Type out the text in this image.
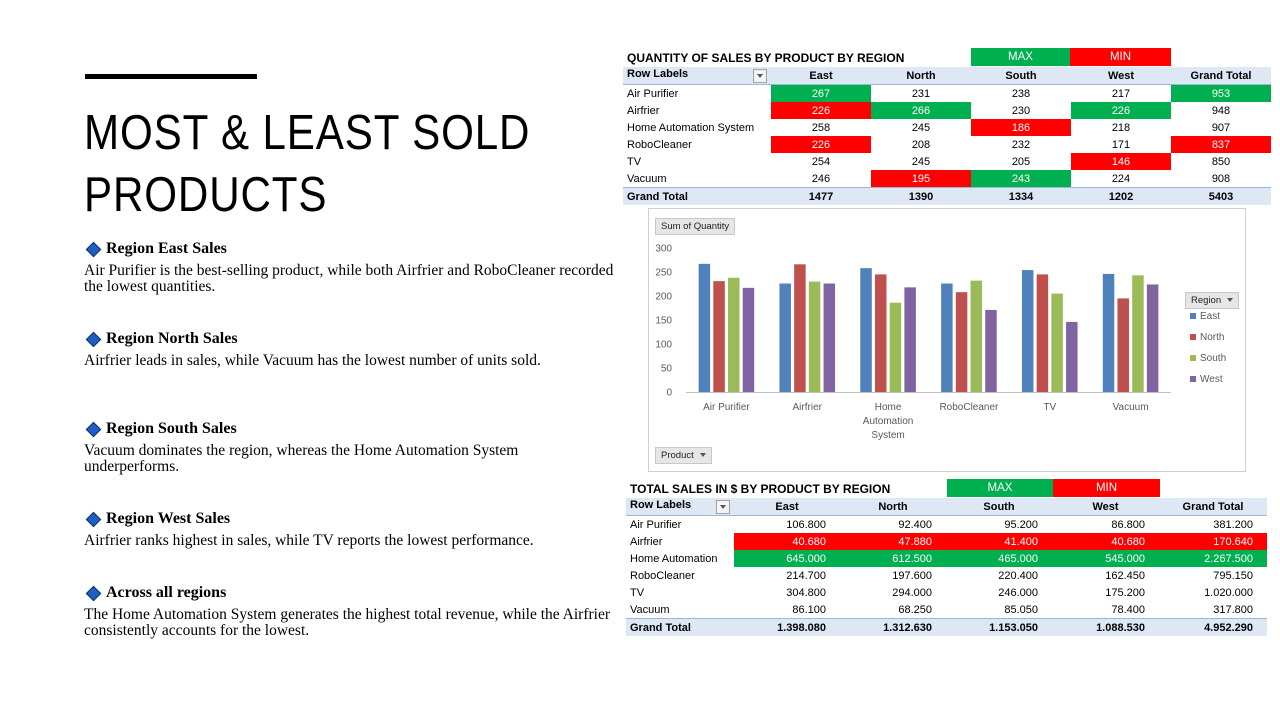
MOST & LEAST SOLD PRODUCTS
Region East Sales
Air Purifier is the best-selling product, while both Airfrier and RoboCleaner recorded the lowest quantities.
Region North Sales
Airfrier leads in sales, while Vacuum has the lowest number of units sold.
Region South Sales
Vacuum dominates the region, whereas the Home Automation System underperforms.
Region West Sales
Airfrier ranks highest in sales, while TV reports the lowest performance.
Across all regions
The Home Automation System generates the highest total revenue, while the Airfrier consistently accounts for the lowest.
QUANTITY OF SALES BY PRODUCT BY REGION	MAX	MIN
Row Labels	East	North	South	West	Grand Total
Air Purifier	267	231	238	217	953
Airfrier	226	266	230	226	948
Home Automation System	258	245	186	218	907
RoboCleaner	226	208	232	171	837
TV	254	245	205	146	850
Vacuum	246	195	243	224	908
Grand Total	1477	1390	1334	1202	5403
Sum of Quantity
Region
Product
0
50
100
150
200
250
300
Air Purifier	Airfrier	Home Automation System
RoboCleaner	TV	Vacuum
East
North
South
West
TOTAL SALES IN $ BY PRODUCT BY REGION	MAX	MIN
Row Labels	East	North	South	West	Grand Total
Air Purifier	106.800	92.400	95.200	86.800	381.200
Airfrier	40.680	47.880	41.400	40.680	170.640
Home Automation	645.000	612.500	465.000	545.000	2.267.500
RoboCleaner	214.700	197.600	220.400	162.450	795.150
TV	304.800	294.000	246.000	175.200	1.020.000
Vacuum	86.100	68.250	85.050	78.400	317.800
Grand Total	1.398.080	1.312.630	1.153.050	1.088.530	4.952.290
